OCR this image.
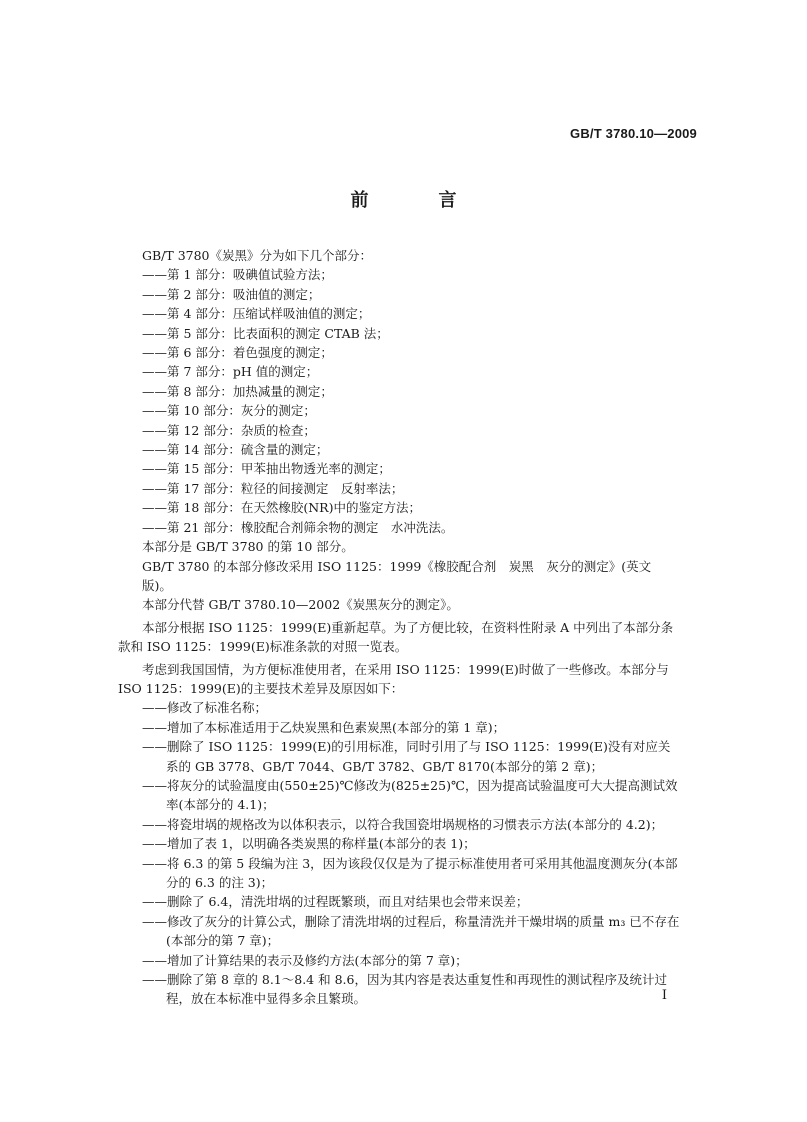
GB/T 3780.10—2009
前　言

GB/T 3780《炭黑》分为如下几个部分：

——第 1 部分：吸碘值试验方法；

——第 2 部分：吸油值的测定；

——第 4 部分：压缩试样吸油值的测定；

——第 5 部分：比表面积的测定 CTAB 法；

——第 6 部分：着色强度的测定；

——第 7 部分：pH 值的测定；

——第 8 部分：加热减量的测定；

——第 10 部分：灰分的测定；

——第 12 部分：杂质的检查；

——第 14 部分：硫含量的测定；

——第 15 部分：甲苯抽出物透光率的测定；

——第 17 部分：粒径的间接测定　反射率法；

——第 18 部分：在天然橡胶(NR)中的鉴定方法；

——第 21 部分：橡胶配合剂筛余物的测定　水冲洗法。

本部分是 GB/T 3780 的第 10 部分。

GB/T 3780 的本部分修改采用 ISO 1125：1999《橡胶配合剂　炭黑　灰分的测定》(英文版)。

本部分代替 GB/T 3780.10—2002《炭黑灰分的测定》。

本部分根据 ISO 1125：1999(E)重新起草。为了方便比较，在资料性附录 A 中列出了本部分条款和 ISO 1125：1999(E)标准条款的对照一览表。

考虑到我国国情，为方便标准使用者，在采用 ISO 1125：1999(E)时做了一些修改。本部分与 ISO 1125：1999(E)的主要技术差异及原因如下：

——修改了标准名称；

——增加了本标准适用于乙炔炭黑和色素炭黑(本部分的第 1 章)；

——删除了 ISO 1125：1999(E)的引用标准，同时引用了与 ISO 1125：1999(E)没有对应关系的 GB 3778、GB/T 7044、GB/T 3782、GB/T 8170(本部分的第 2 章)；

——将灰分的试验温度由(550±25)℃修改为(825±25)℃，因为提高试验温度可大大提高测试效率(本部分的 4.1)；

——将瓷坩埚的规格改为以体积表示，以符合我国瓷坩埚规格的习惯表示方法(本部分的 4.2)；

——增加了表 1，以明确各类炭黑的称样量(本部分的表 1)；

——将 6.3 的第 5 段编为注 3，因为该段仅仅是为了提示标准使用者可采用其他温度测灰分(本部分的 6.3 的注 3)；

——删除了 6.4，清洗坩埚的过程既繁琐，而且对结果也会带来误差；

——修改了灰分的计算公式，删除了清洗坩埚的过程后，称量清洗并干燥坩埚的质量 m₃ 已不存在(本部分的第 7 章)；

——增加了计算结果的表示及修约方法(本部分的第 7 章)；

——删除了第 8 章的 8.1～8.4 和 8.6，因为其内容是表达重复性和再现性的测试程序及统计过程，放在本标准中显得多余且繁琐。	I
